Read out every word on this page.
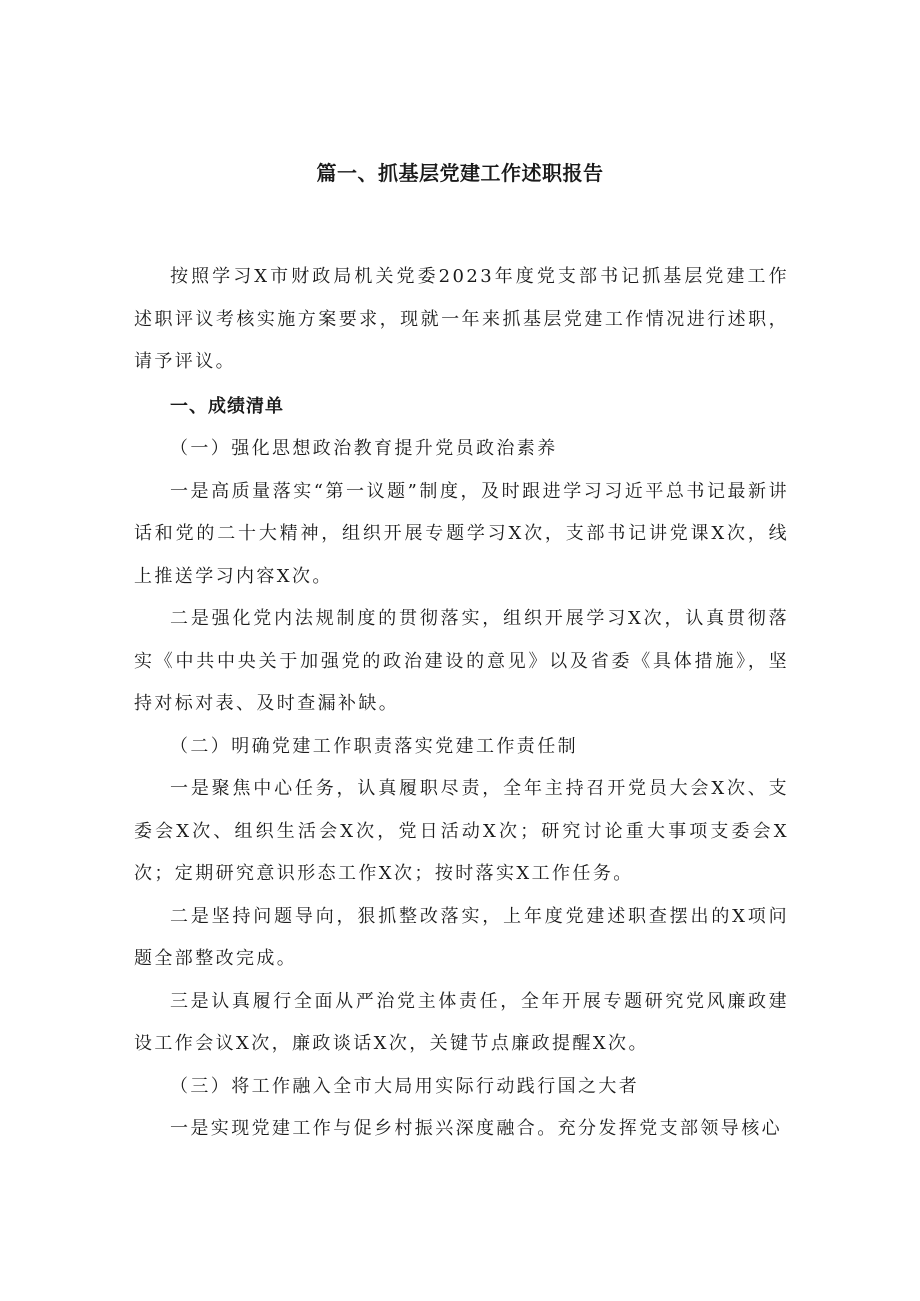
篇一、抓基层党建工作述职报告

按照学习X市财政局机关党委2023年度党支部书记抓基层党建工作述职评议考核实施方案要求，现就一年来抓基层党建工作情况进行述职，请予评议。

一、成绩清单

（一）强化思想政治教育提升党员政治素养

一是高质量落实“第一议题”制度，及时跟进学习习近平总书记最新讲话和党的二十大精神，组织开展专题学习X次，支部书记讲党课X次，线上推送学习内容X次。

二是强化党内法规制度的贯彻落实，组织开展学习X次，认真贯彻落实《中共中央关于加强党的政治建设的意见》以及省委《具体措施》，坚持对标对表、及时查漏补缺。

（二）明确党建工作职责落实党建工作责任制

一是聚焦中心任务，认真履职尽责，全年主持召开党员大会X次、支委会X次、组织生活会X次，党日活动X次；研究讨论重大事项支委会X次；定期研究意识形态工作X次；按时落实X工作任务。

二是坚持问题导向，狠抓整改落实，上年度党建述职查摆出的X项问题全部整改完成。

三是认真履行全面从严治党主体责任，全年开展专题研究党风廉政建设工作会议X次，廉政谈话X次，关键节点廉政提醒X次。

（三）将工作融入全市大局用实际行动践行国之大者

一是实现党建工作与促乡村振兴深度融合。充分发挥党支部领导核心
